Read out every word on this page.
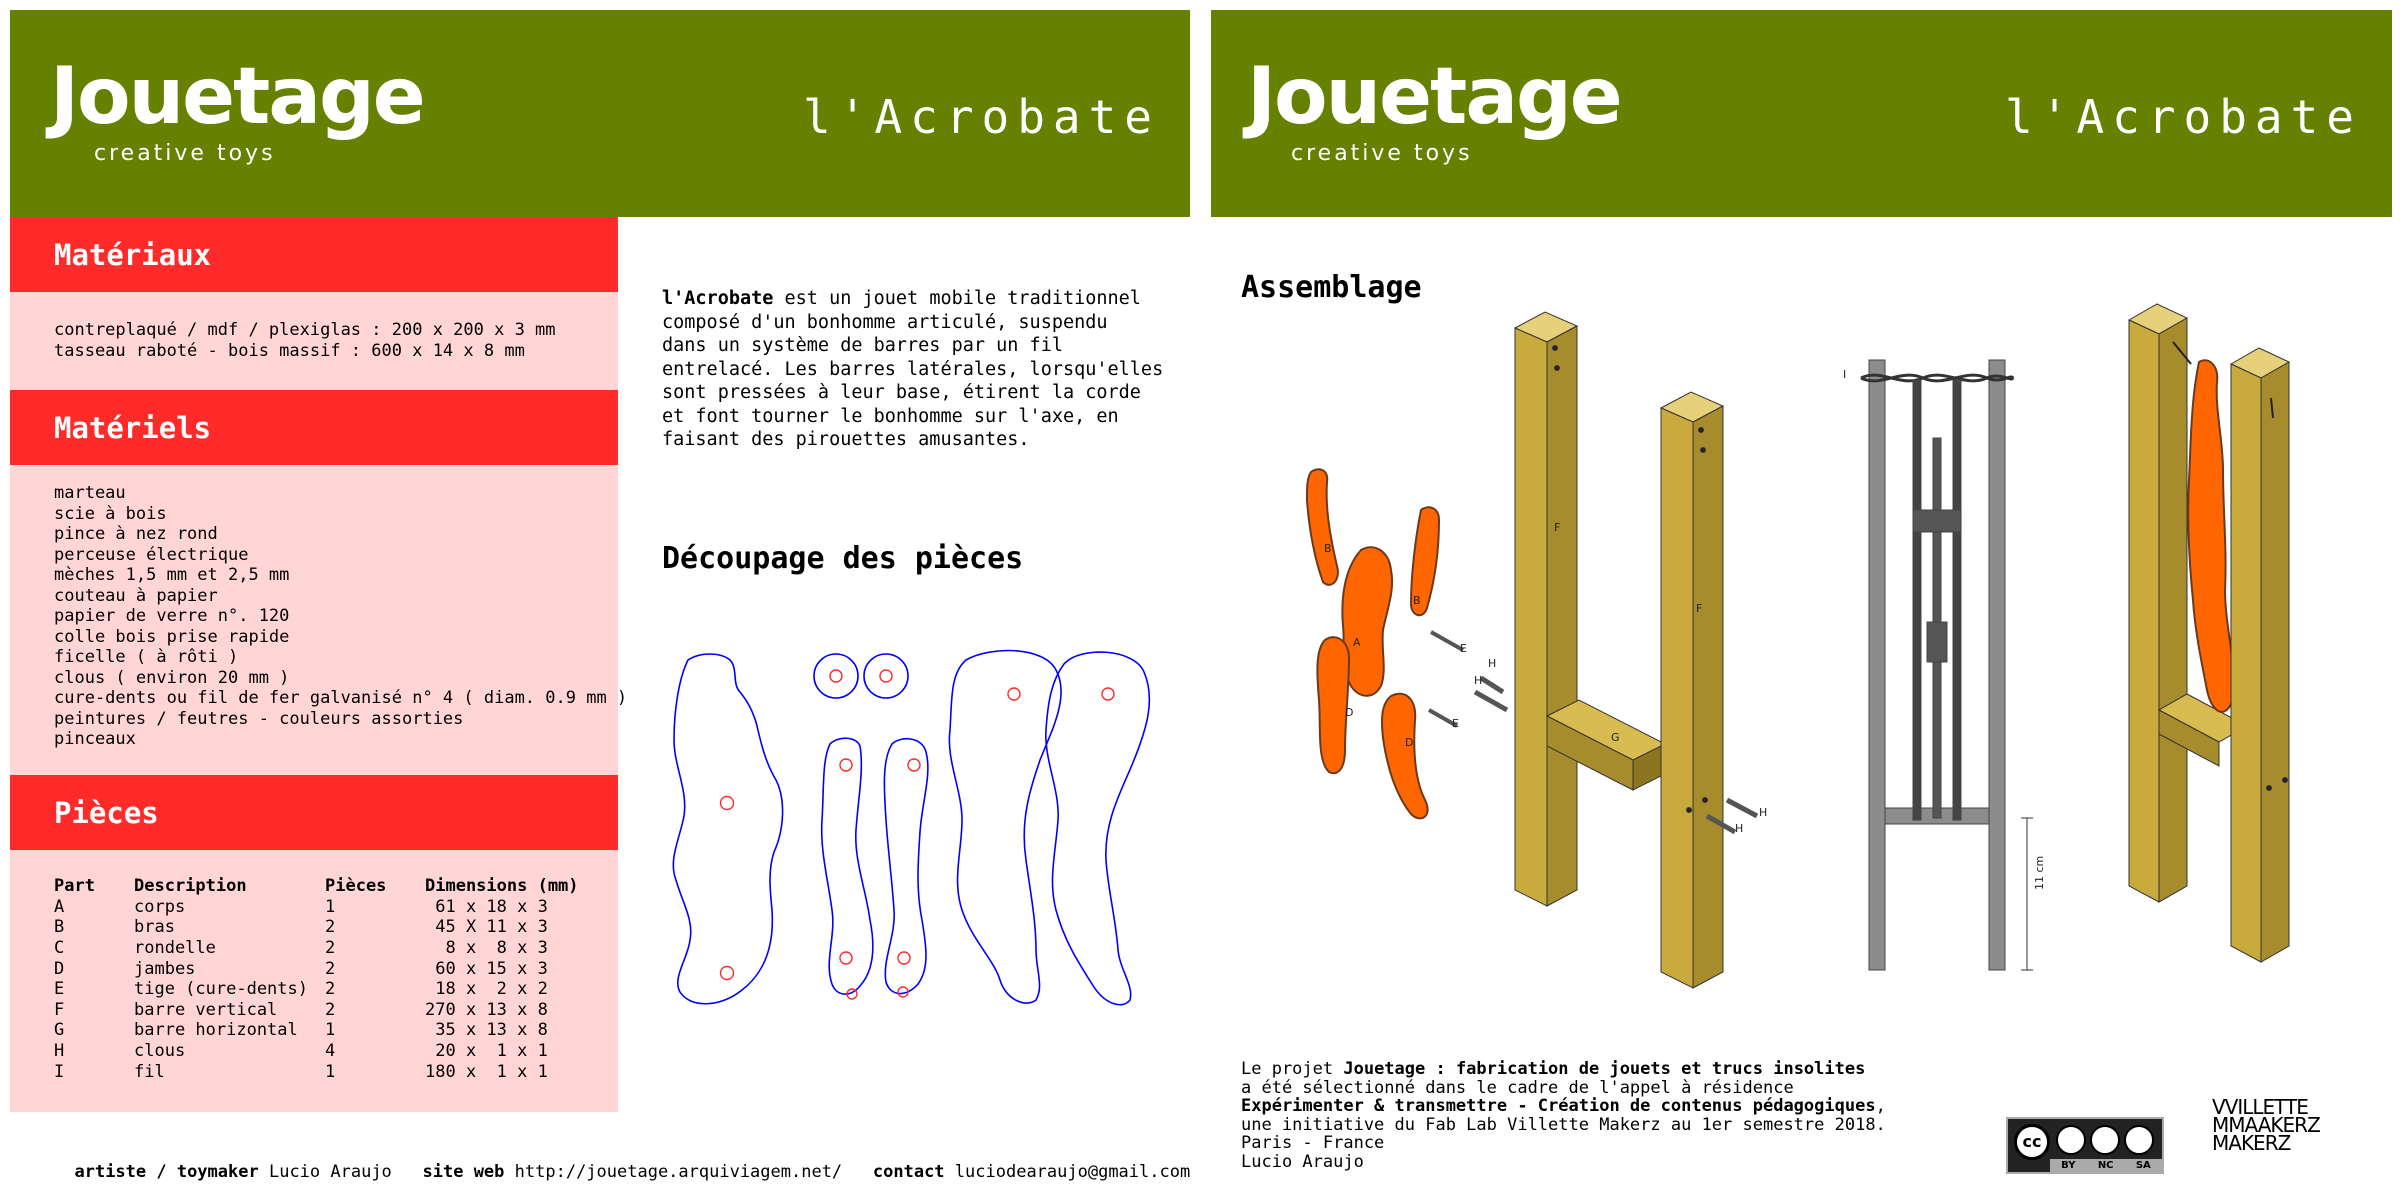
Jouetage
creative toys
l'Acrobate
Matériaux
contreplaqué / mdf / plexiglas : 200 x 200 x 3 mm
tasseau raboté - bois massif : 600 x 14 x 8 mm
Matériels
marteau
scie à bois
pince à nez rond
perceuse électrique
mèches 1,5 mm et 2,5 mm
couteau à papier
papier de verre n°. 120
colle bois prise rapide
ficelle ( à rôti )
clous ( environ 20 mm )
cure-dents ou fil de fer galvanisé n° 4 ( diam. 0.9 mm )
peintures / feutres - couleurs assorties
pinceaux
Pièces
Part	Description	Pièces	Dimensions (mm)
A	corps	1	61 x 18 x 3
B	bras	2	45 X 11 x 3
C	rondelle	2	8 x  8 x 3
D	jambes	2	60 x 15 x 3
E	tige (cure-dents)	2	18 x  2 x 2
F	barre vertical	2	270 x 13 x 8
G	barre horizontal	1	35 x 13 x 8
H	clous	4	20 x  1 x 1
I	fil	1	180 x  1 x 1
l'Acrobate est un jouet mobile traditionnel
composé d'un bonhomme articulé, suspendu
dans un système de barres par un fil
entrelacé. Les barres latérales, lorsqu'elles
sont pressées à leur base, étirent la corde
et font tourner le bonhomme sur l'axe, en
faisant des pirouettes amusantes.
Découpage des pièces

artiste / toymaker Lucio Araujo site web http://jouetage.arquiviagem.net/ contact luciodearaujo@gmail.com

Jouetage
creative toys
l'Acrobate
Assemblage
B
A
B
D
D
E
E
H
H
H
H
F
F
G
I
11 cm
Le projet Jouetage : fabrication de jouets et trucs insolites
a été sélectionné dans le cadre de l'appel à résidence
Expérimenter & transmettre - Création de contenus pédagogiques,
une initiative du Fab Lab Villette Makerz au 1er semestre 2018.
Paris - France
Lucio Araujo
cc
BY NC SA
VVILLETTE
MMAAKERZ
MAKERZ
